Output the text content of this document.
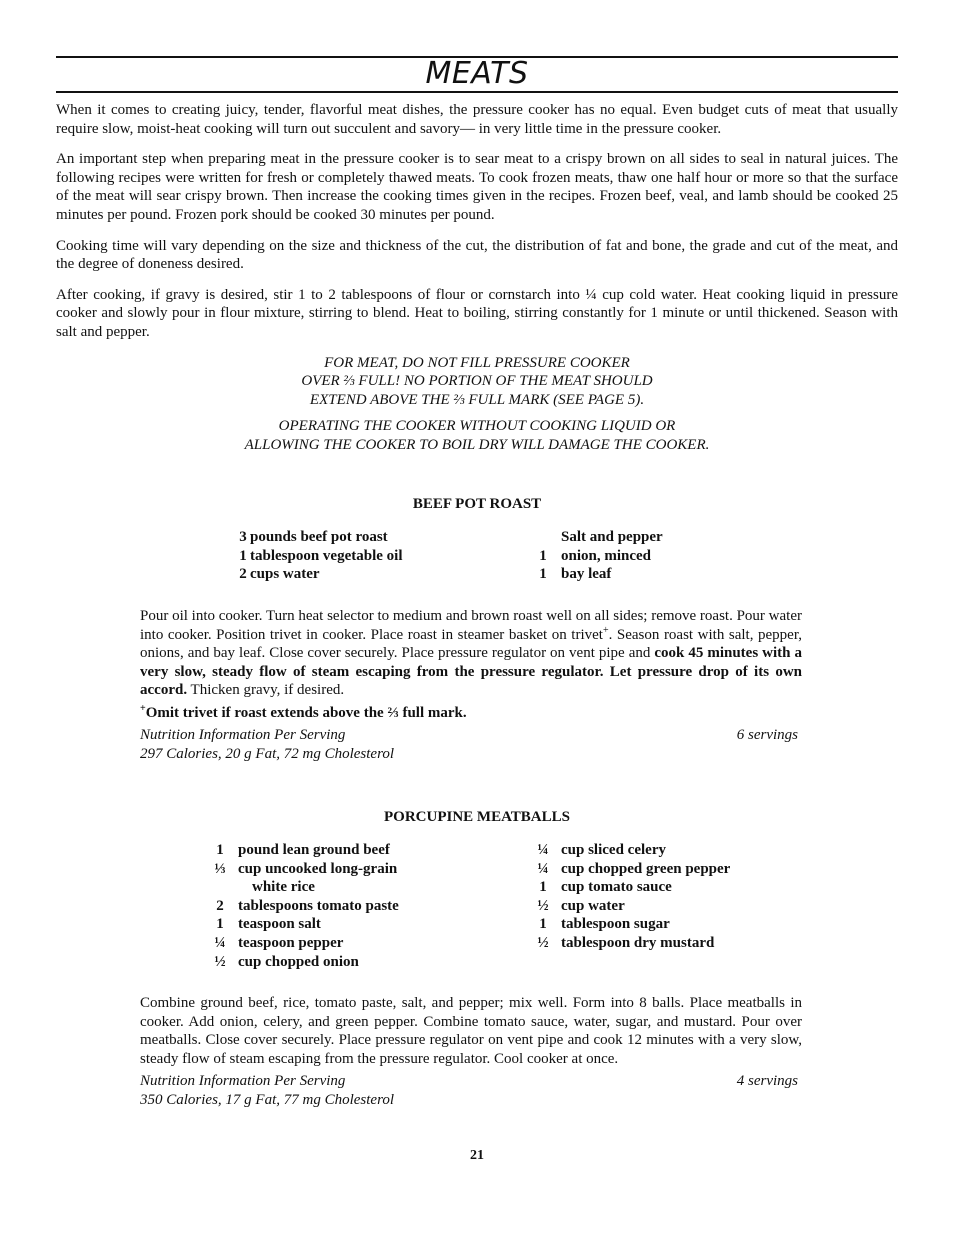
MEATS

When it comes to creating juicy, tender, flavorful meat dishes, the pressure cooker has no equal. Even budget cuts of meat that usually require slow, moist-heat cooking will turn out succulent and savory— in very little time in the pressure cooker.

An important step when preparing meat in the pressure cooker is to sear meat to a crispy brown on all sides to seal in natural juices. The following recipes were written for fresh or completely thawed meats. To cook frozen meats, thaw one half hour or more so that the surface of the meat will sear crispy brown. Then increase the cooking times given in the recipes. Frozen beef, veal, and lamb should be cooked 25 minutes per pound. Frozen pork should be cooked 30 minutes per pound.

Cooking time will vary depending on the size and thickness of the cut, the distribution of fat and bone, the grade and cut of the meat, and the degree of doneness desired.

After cooking, if gravy is desired, stir 1 to 2 tablespoons of flour or cornstarch into ¼ cup cold water. Heat cooking liquid in pressure cooker and slowly pour in flour mixture, stirring to blend. Heat to boiling, stirring constantly for 1 minute or until thickened. Season with salt and pepper.

FOR MEAT, DO NOT FILL PRESSURE COOKER
OVER ⅔ FULL! NO PORTION OF THE MEAT SHOULD
EXTEND ABOVE THE ⅔ FULL MARK (SEE PAGE 5).
OPERATING THE COOKER WITHOUT COOKING LIQUID OR
ALLOWING THE COOKER TO BOIL DRY WILL DAMAGE THE COOKER.
BEEF POT ROAST
3 pounds beef pot roast
1 tablespoon vegetable oil
2 cups water
Salt and pepper
1 onion, minced
1 bay leaf

Pour oil into cooker. Turn heat selector to medium and brown roast well on all sides; remove roast. Pour water into cooker. Position trivet in cooker. Place roast in steamer basket on trivet+. Season roast with salt, pepper, onions, and bay leaf. Close cover securely. Place pressure regulator on vent pipe and cook 45 minutes with a very slow, steady flow of steam escaping from the pressure regulator. Let pressure drop of its own accord. Thicken gravy, if desired.

+Omit trivet if roast extends above the ⅔ full mark.
Nutrition Information Per Serving	6 servings
297 Calories, 20 g Fat, 72 mg Cholesterol
PORCUPINE MEATBALLS
1 pound lean ground beef
⅓ cup uncooked long-grain
white rice
2 tablespoons tomato paste
1 teaspoon salt
¼ teaspoon pepper
½ cup chopped onion
¼ cup sliced celery
¼ cup chopped green pepper
1 cup tomato sauce
½ cup water
1 tablespoon sugar
½ tablespoon dry mustard

Combine ground beef, rice, tomato paste, salt, and pepper; mix well. Form into 8 balls. Place meatballs in cooker. Add onion, celery, and green pepper. Combine tomato sauce, water, sugar, and mustard. Pour over meatballs. Close cover securely. Place pressure regulator on vent pipe and cook 12 minutes with a very slow, steady flow of steam escaping from the pressure regulator. Cool cooker at once.

Nutrition Information Per Serving	4 servings
350 Calories, 17 g Fat, 77 mg Cholesterol
21
